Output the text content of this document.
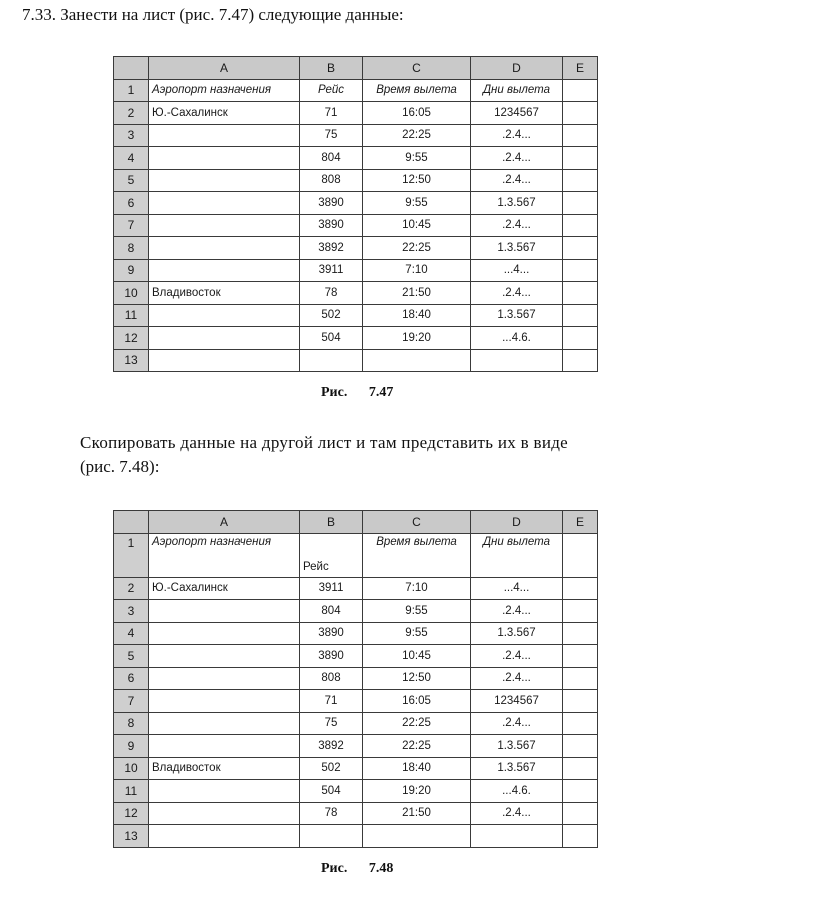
7.33. Занести на лист (рис. 7.47) следующие данные:

	A	B	C	D	E
1	Аэропорт назначения	Рейс	Время вылета	Дни вылета	
2	Ю.-Сахалинск	71	16:05	1234567	
3		75	22:25	.2.4...	
4		804	9:55	.2.4...	
5		808	12:50	.2.4...	
6		3890	9:55	1.3.567	
7		3890	10:45	.2.4...	
8		3892	22:25	1.3.567	
9		3911	7:10	...4...	
10	Владивосток	78	21:50	.2.4...	
11		502	18:40	1.3.567	
12		504	19:20	...4.6.	
13					

Рис. 7.47

Скопировать данные на другой лист и там представить их в виде

(рис. 7.48):

	A	B	C	D	E
1	Аэропорт назначения	Рейс	Время вылета	Дни вылета	
2	Ю.-Сахалинск	3911	7:10	...4...	
3		804	9:55	.2.4...	
4		3890	9:55	1.3.567	
5		3890	10:45	.2.4...	
6		808	12:50	.2.4...	
7		71	16:05	1234567	
8		75	22:25	.2.4...	
9		3892	22:25	1.3.567	
10	Владивосток	502	18:40	1.3.567	
11		504	19:20	...4.6.	
12		78	21:50	.2.4...	
13					

Рис. 7.48
